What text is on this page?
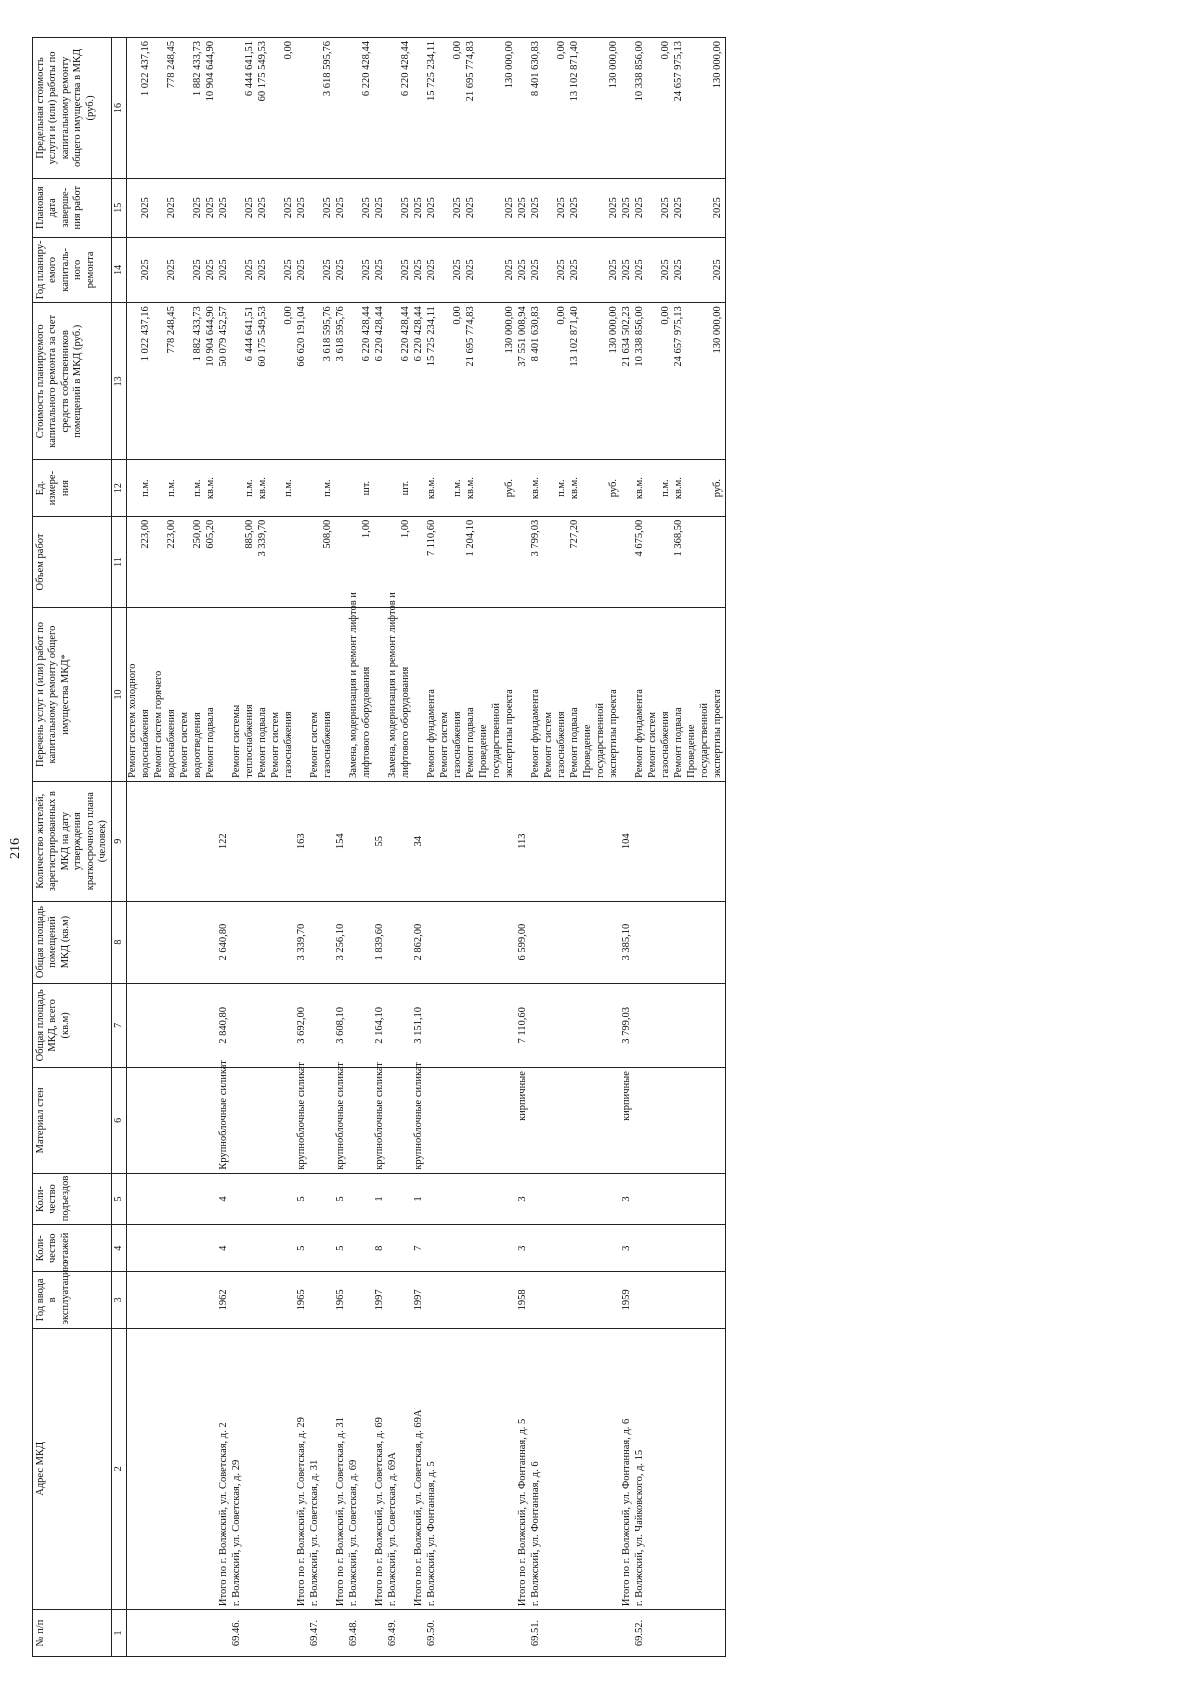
216
№ п/п	Адрес МКД	Год ввода в эксплуатацию	Коли-чество этажей	Коли-чество подъездов	Материал стен	Общая площадь МКД, всего (кв.м)	Общая площадь помещений МКД (кв.м)	Количество жителей, зарегистрированных в МКД на дату утверждения краткосрочного плана (человек)	Перечень услуг и (или) работ по капитальному ремонту общего имущества МКД*	Объем работ	Ед. измере-ния	Стоимость планируемого капитального ремонта за счет средств собственников помещений в МКД (руб.)	Год планиру-емого капиталь-ного ремонта	Плановая дата заверше-ния работ	Предельная стоимость услуги и (или) работы по капитальному ремонту общего имущества в МКД (руб.)
1	2	3	4	5	6	7	8	9	10	11	12	13	14	15	16
									Ремонт систем холодного						
									водоснабжения	223,00	п.м.	1 022 437,16	2025	2025	1 022 437,16
									Ремонт систем горячего						
									водоснабжения	223,00	п.м.	778 248,45	2025	2025	778 248,45
									Ремонт систем						
									водоотведения	250,00	п.м.	1 882 433,73	2025	2025	1 882 433,73
									Ремонт подвала	605,20	кв.м.	10 904 644,90	2025	2025	10 904 644,90
	Итого по г. Волжский, ул. Советская, д. 2	1962	4	4	Крупноблочные силикат	2 840,80	2 640,80	122				50 079 452,57	2025	2025	
69.46.	г. Волжский, ул. Советская, д. 29								Ремонт системы						
									теплоснабжения	885,00	п.м.	6 444 641,51	2025	2025	6 444 641,51
									Ремонт подвала	3 339,70	кв.м.	60 175 549,53	2025	2025	60 175 549,53
									Ремонт систем						
									газоснабжения		п.м.	0,00	2025	2025	0,00
	Итого по г. Волжский, ул. Советская, д. 29	1965	5	5	крупноблочные силикат	3 692,00	3 339,70	163				66 620 191,04	2025	2025	
69.47.	г. Волжский, ул. Советская, д. 31								Ремонт систем						
									газоснабжения	508,00	п.м.	3 618 595,76	2025	2025	3 618 595,76
	Итого по г. Волжский, ул. Советская, д. 31	1965	5	5	крупноблочные силикат	3 608,10	3 256,10	154				3 618 595,76	2025	2025	
69.48.	г. Волжский, ул. Советская, д. 69								Замена, модернизация и ремонт лифтов и						
									лифтового оборудования	1,00	шт.	6 220 428,44	2025	2025	6 220 428,44
	Итого по г. Волжский, ул. Советская, д. 69	1997	8	1	крупноблочные силикат	2 164,10	1 839,60	55				6 220 428,44	2025	2025	
69.49.	г. Волжский, ул. Советская, д. 69А								Замена, модернизация и ремонт лифтов и						
									лифтового оборудования	1,00	шт.	6 220 428,44	2025	2025	6 220 428,44
	Итого по г. Волжский, ул. Советская, д. 69А	1997	7	1	крупноблочные силикат	3 151,10	2 862,00	34				6 220 428,44	2025	2025	
69.50.	г. Волжский, ул. Фонтанная, д. 5								Ремонт фундамента	7 110,60	кв.м.	15 725 234,11	2025	2025	15 725 234,11
									Ремонт систем						
									газоснабжения		п.м.	0,00	2025	2025	0,00
									Ремонт подвала	1 204,10	кв.м.	21 695 774,83	2025	2025	21 695 774,83
									Проведение						
									государственной						
									экспертизы проекта		руб.	130 000,00	2025	2025	130 000,00
	Итого по г. Волжский, ул. Фонтанная, д. 5	1958	3	3	кирпичные	7 110,60	6 599,00	113				37 551 008,94	2025	2025	
69.51.	г. Волжский, ул. Фонтанная, д. 6								Ремонт фундамента	3 799,03	кв.м.	8 401 630,83	2025	2025	8 401 630,83
									Ремонт систем						
									газоснабжения		п.м.	0,00	2025	2025	0,00
									Ремонт подвала	727,20	кв.м.	13 102 871,40	2025	2025	13 102 871,40
									Проведение						
									государственной						
									экспертизы проекта		руб.	130 000,00	2025	2025	130 000,00
	Итого по г. Волжский, ул. Фонтанная, д. 6	1959	3	3	кирпичные	3 799,03	3 385,10	104				21 634 502,23	2025	2025	
69.52.	г. Волжский, ул. Чайковского, д. 15								Ремонт фундамента	4 675,00	кв.м.	10 338 856,00	2025	2025	10 338 856,00
									Ремонт систем						
									газоснабжения		п.м.	0,00	2025	2025	0,00
									Ремонт подвала	1 368,50	кв.м.	24 657 975,13	2025	2025	24 657 975,13
									Проведение						
									государственной						
									экспертизы проекта		руб.	130 000,00	2025	2025	130 000,00
